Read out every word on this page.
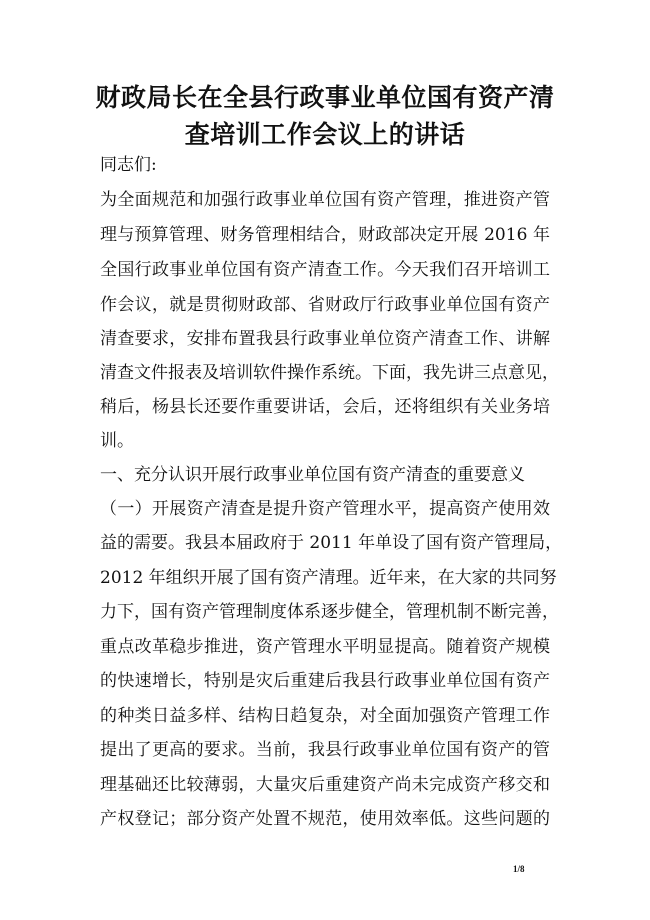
财政局长在全县行政事业单位国有资产清
查培训工作会议上的讲话
同志们:
为全面规范和加强行政事业单位国有资产管理，推进资产管
理与预算管理、财务管理相结合，财政部决定开展 2016 年
全国行政事业单位国有资产清查工作。今天我们召开培训工
作会议，就是贯彻财政部、省财政厅行政事业单位国有资产
清查要求，安排布置我县行政事业单位资产清查工作、讲解
清查文件报表及培训软件操作系统。下面，我先讲三点意见，
稍后，杨县长还要作重要讲话，会后，还将组织有关业务培
训。
一、充分认识开展行政事业单位国有资产清查的重要意义
（一）开展资产清查是提升资产管理水平，提高资产使用效
益的需要。我县本届政府于 2011 年单设了国有资产管理局，
2012 年组织开展了国有资产清理。近年来，在大家的共同努
力下，国有资产管理制度体系逐步健全，管理机制不断完善，
重点改革稳步推进，资产管理水平明显提高。随着资产规模
的快速增长，特别是灾后重建后我县行政事业单位国有资产
的种类日益多样、结构日趋复杂，对全面加强资产管理工作
提出了更高的要求。当前，我县行政事业单位国有资产的管
理基础还比较薄弱，大量灾后重建资产尚未完成资产移交和
产权登记；部分资产处置不规范，使用效率低。这些问题的
1/8
